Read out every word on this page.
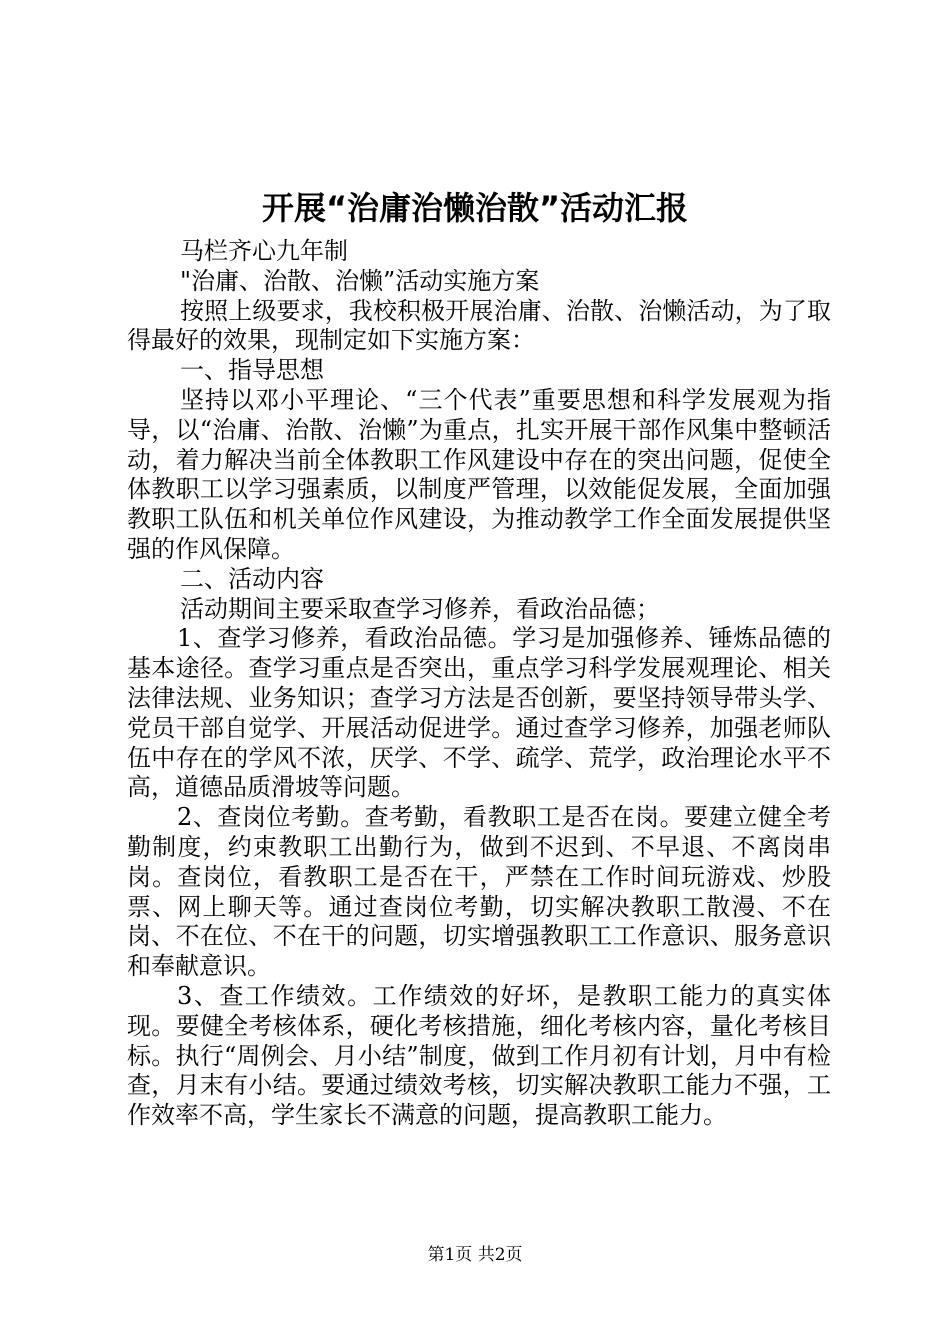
开展“治庸治懒治散”活动汇报

马栏齐心九年制

"治庸、治散、治懒”活动实施方案

按照上级要求，我校积极开展治庸、治散、治懒活动，为了取得最好的效果，现制定如下实施方案：

一、指导思想

坚持以邓小平理论、“三个代表”重要思想和科学发展观为指导，以“治庸、治散、治懒”为重点，扎实开展干部作风集中整顿活动，着力解决当前全体教职工作风建设中存在的突出问题，促使全体教职工以学习强素质，以制度严管理，以效能促发展，全面加强教职工队伍和机关单位作风建设，为推动教学工作全面发展提供坚强的作风保障。

二、活动内容

活动期间主要采取查学习修养，看政治品德；

1、查学习修养，看政治品德。学习是加强修养、锤炼品德的基本途径。查学习重点是否突出，重点学习科学发展观理论、相关法律法规、业务知识；查学习方法是否创新，要坚持领导带头学、党员干部自觉学、开展活动促进学。通过查学习修养，加强老师队伍中存在的学风不浓，厌学、不学、疏学、荒学，政治理论水平不高，道德品质滑坡等问题。

2、查岗位考勤。查考勤，看教职工是否在岗。要建立健全考勤制度，约束教职工出勤行为，做到不迟到、不早退、不离岗串岗。查岗位，看教职工是否在干，严禁在工作时间玩游戏、炒股票、网上聊天等。通过查岗位考勤，切实解决教职工散漫、不在岗、不在位、不在干的问题，切实增强教职工工作意识、服务意识和奉献意识。

3、查工作绩效。工作绩效的好坏，是教职工能力的真实体现。要健全考核体系，硬化考核措施，细化考核内容，量化考核目标。执行“周例会、月小结”制度，做到工作月初有计划，月中有检查，月末有小结。要通过绩效考核，切实解决教职工能力不强，工作效率不高，学生家长不满意的问题，提高教职工能力。

第1页 共2页
